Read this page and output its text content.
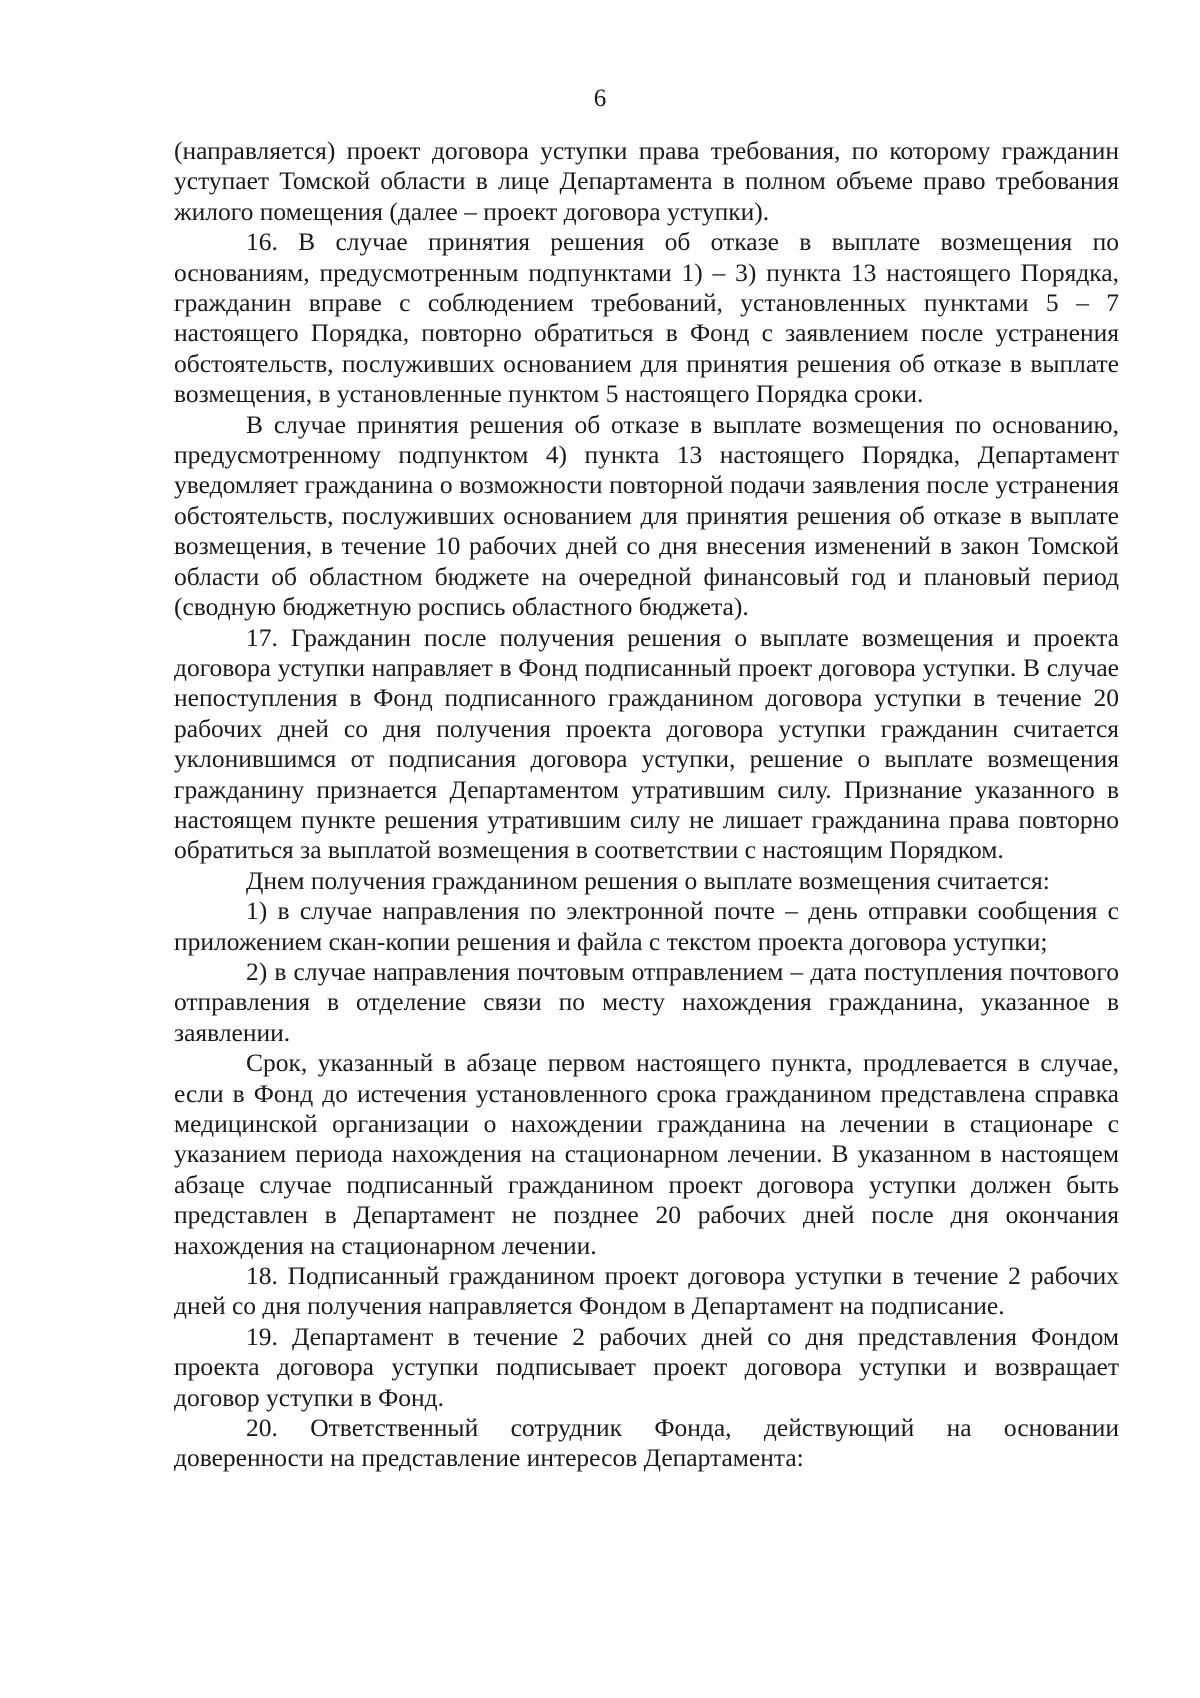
6

(направляется) проект договора уступки права требования, по которому гражданин уступает Томской области в лице Департамента в полном объеме право требования жилого помещения (далее – проект договора уступки).

16. В случае принятия решения об отказе в выплате возмещения по основаниям, предусмотренным подпунктами 1) – 3) пункта 13 настоящего Порядка, гражданин вправе с соблюдением требований, установленных пунктами 5 – 7 настоящего Порядка, повторно обратиться в Фонд с заявлением после устранения обстоятельств, послуживших основанием для принятия решения об отказе в выплате возмещения, в установленные пунктом 5 настоящего Порядка сроки.

В случае принятия решения об отказе в выплате возмещения по основанию, предусмотренному подпунктом 4) пункта 13 настоящего Порядка, Департамент уведомляет гражданина о возможности повторной подачи заявления после устранения обстоятельств, послуживших основанием для принятия решения об отказе в выплате возмещения, в течение 10 рабочих дней со дня внесения изменений в закон Томской области об областном бюджете на очередной финансовый год и плановый период (сводную бюджетную роспись областного бюджета).

17. Гражданин после получения решения о выплате возмещения и проекта договора уступки направляет в Фонд подписанный проект договора уступки. В случае непоступления в Фонд подписанного гражданином договора уступки в течение 20 рабочих дней со дня получения проекта договора уступки гражданин считается уклонившимся от подписания договора уступки, решение о выплате возмещения гражданину признается Департаментом утратившим силу. Признание указанного в настоящем пункте решения утратившим силу не лишает гражданина права повторно обратиться за выплатой возмещения в соответствии с настоящим Порядком.

Днем получения гражданином решения о выплате возмещения считается:

1) в случае направления по электронной почте – день отправки сообщения с приложением скан-копии решения и файла с текстом проекта договора уступки;

2) в случае направления почтовым отправлением – дата поступления почтового отправления в отделение связи по месту нахождения гражданина, указанное в заявлении.

Срок, указанный в абзаце первом настоящего пункта, продлевается в случае, если в Фонд до истечения установленного срока гражданином представлена справка медицинской организации о нахождении гражданина на лечении в стационаре с указанием периода нахождения на стационарном лечении. В указанном в настоящем абзаце случае подписанный гражданином проект договора уступки должен быть представлен в Департамент не позднее 20 рабочих дней после дня окончания нахождения на стационарном лечении.

18. Подписанный гражданином проект договора уступки в течение 2 рабочих дней со дня получения направляется Фондом в Департамент на подписание.

19. Департамент в течение 2 рабочих дней со дня представления Фондом проекта договора уступки подписывает проект договора уступки и возвращает договор уступки в Фонд.

20. Ответственный сотрудник Фонда, действующий на основании доверенности на представление интересов Департамента:
